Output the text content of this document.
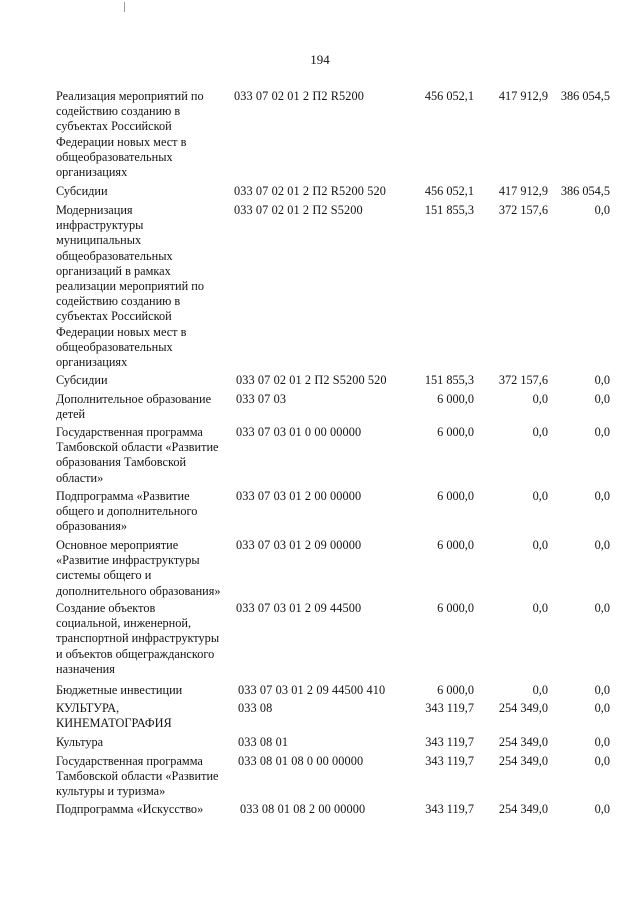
194
Реализация мероприятий по
содействию созданию в
субъектах Российской
Федерации новых мест в
общеобразовательных
организациях
033 07 02 01 2 П2 R5200	456 052,1	417 912,9	386 054,5
Субсидии	033 07 02 01 2 П2 R5200 520	456 052,1	417 912,9	386 054,5
Модернизация
инфраструктуры
муниципальных
общеобразовательных
организаций в рамках
реализации мероприятий по
содействию созданию в
субъектах Российской
Федерации новых мест в
общеобразовательных
организациях
033 07 02 01 2 П2 S5200	151 855,3	372 157,6	0,0
Субсидии	033 07 02 01 2 П2 S5200 520	151 855,3	372 157,6	0,0
Дополнительное образование
детей
033 07 03	6 000,0	0,0	0,0
Государственная программа
Тамбовской области «Развитие
образования Тамбовской
области»
033 07 03 01 0 00 00000	6 000,0	0,0	0,0
Подпрограмма «Развитие
общего и дополнительного
образования»
033 07 03 01 2 00 00000	6 000,0	0,0	0,0
Основное мероприятие
«Развитие инфраструктуры
системы общего и
дополнительного образования»
033 07 03 01 2 09 00000	6 000,0	0,0	0,0
Создание объектов
социальной, инженерной,
транспортной инфраструктуры
и объектов общегражданского
назначения
033 07 03 01 2 09 44500	6 000,0	0,0	0,0
Бюджетные инвестиции	033 07 03 01 2 09 44500 410	6 000,0	0,0	0,0
КУЛЬТУРА,
КИНЕМАТОГРАФИЯ
033 08	343 119,7	254 349,0	0,0
Культура	033 08 01	343 119,7	254 349,0	0,0
Государственная программа
Тамбовской области «Развитие
культуры и туризма»
033 08 01 08 0 00 00000	343 119,7	254 349,0	0,0
Подпрограмма «Искусство»	033 08 01 08 2 00 00000	343 119,7	254 349,0	0,0
